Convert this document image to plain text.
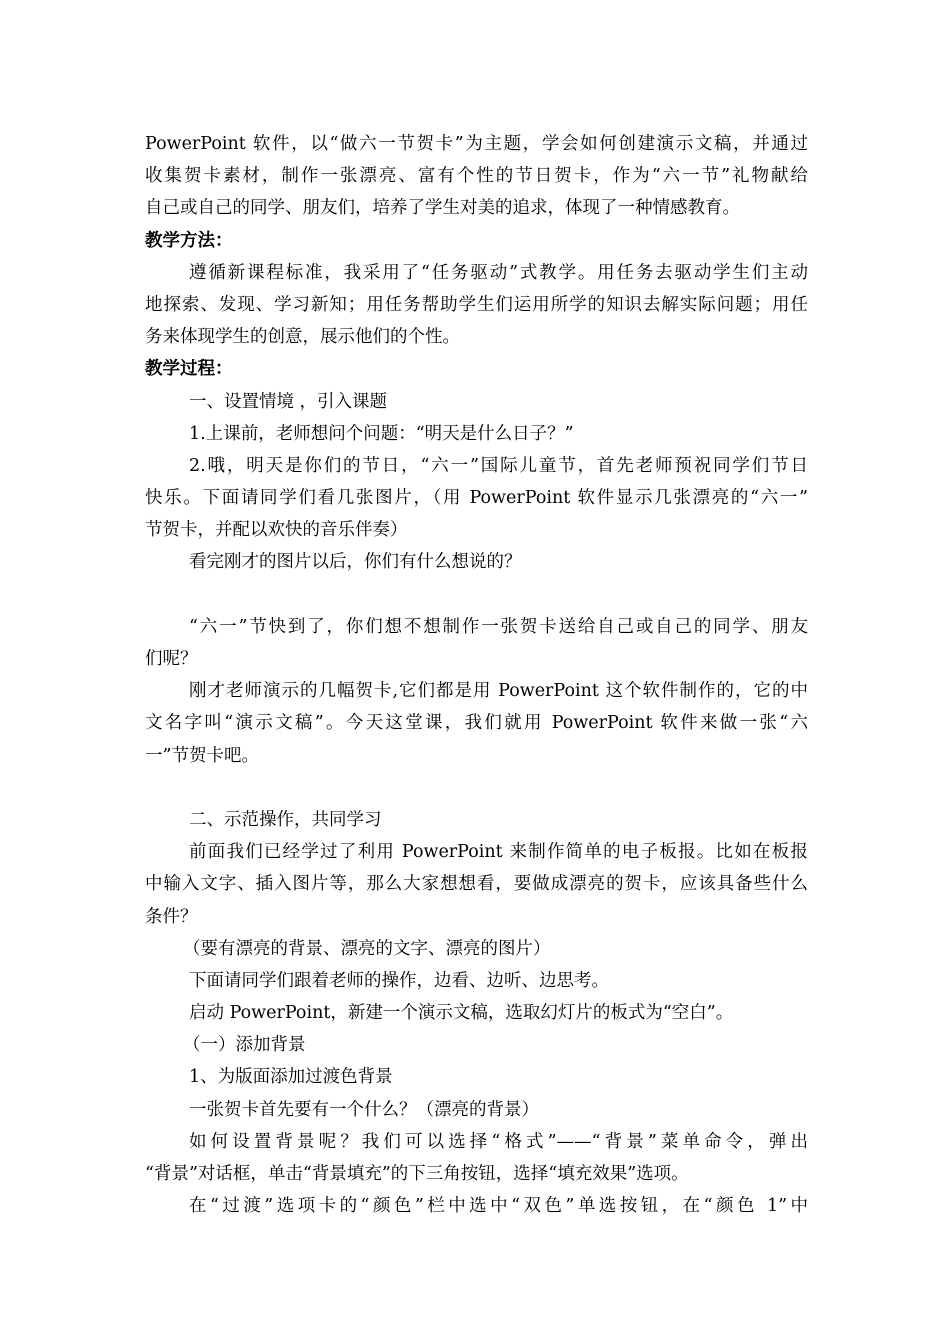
PowerPoint 软件，以“做六一节贺卡”为主题，学会如何创建演示文稿，并通过
收集贺卡素材，制作一张漂亮、富有个性的节日贺卡，作为“六一节”礼物献给
自己或自己的同学、朋友们，培养了学生对美的追求，体现了一种情感教育。
教学方法：
遵循新课程标准，我采用了“任务驱动”式教学。用任务去驱动学生们主动
地探索、发现、学习新知；用任务帮助学生们运用所学的知识去解实际问题；用任
务来体现学生的创意，展示他们的个性。
教学过程：
一、设置情境 ，引入课题
1.上课前，老师想问个问题：“明天是什么日子？”
2.哦，明天是你们的节日，“六一”国际儿童节，首先老师预祝同学们节日
快乐。下面请同学们看几张图片，（用 PowerPoint 软件显示几张漂亮的“六一”
节贺卡，并配以欢快的音乐伴奏）
看完刚才的图片以后，你们有什么想说的？
“六一”节快到了，你们想不想制作一张贺卡送给自己或自己的同学、朋友
们呢？
刚才老师演示的几幅贺卡,它们都是用 PowerPoint 这个软件制作的，它的中
文名字叫“演示文稿”。今天这堂课，我们就用 PowerPoint 软件来做一张“六
一”节贺卡吧。
二、示范操作，共同学习
前面我们已经学过了利用 PowerPoint 来制作简单的电子板报。比如在板报
中输入文字、插入图片等，那么大家想想看，要做成漂亮的贺卡，应该具备些什么
条件？
（要有漂亮的背景、漂亮的文字、漂亮的图片）
下面请同学们跟着老师的操作，边看、边听、边思考。
启动 PowerPoint，新建一个演示文稿，选取幻灯片的板式为“空白”。
（一）添加背景
1、为版面添加过渡色背景
一张贺卡首先要有一个什么？（漂亮的背景）
如何设置背景呢？我们可以选择“格式”——“背景”菜单命令，弹出
“背景”对话框，单击“背景填充”的下三角按钮，选择“填充效果”选项。
在“过渡”选项卡的“颜色”栏中选中“双色”单选按钮，在“颜色 1”中
